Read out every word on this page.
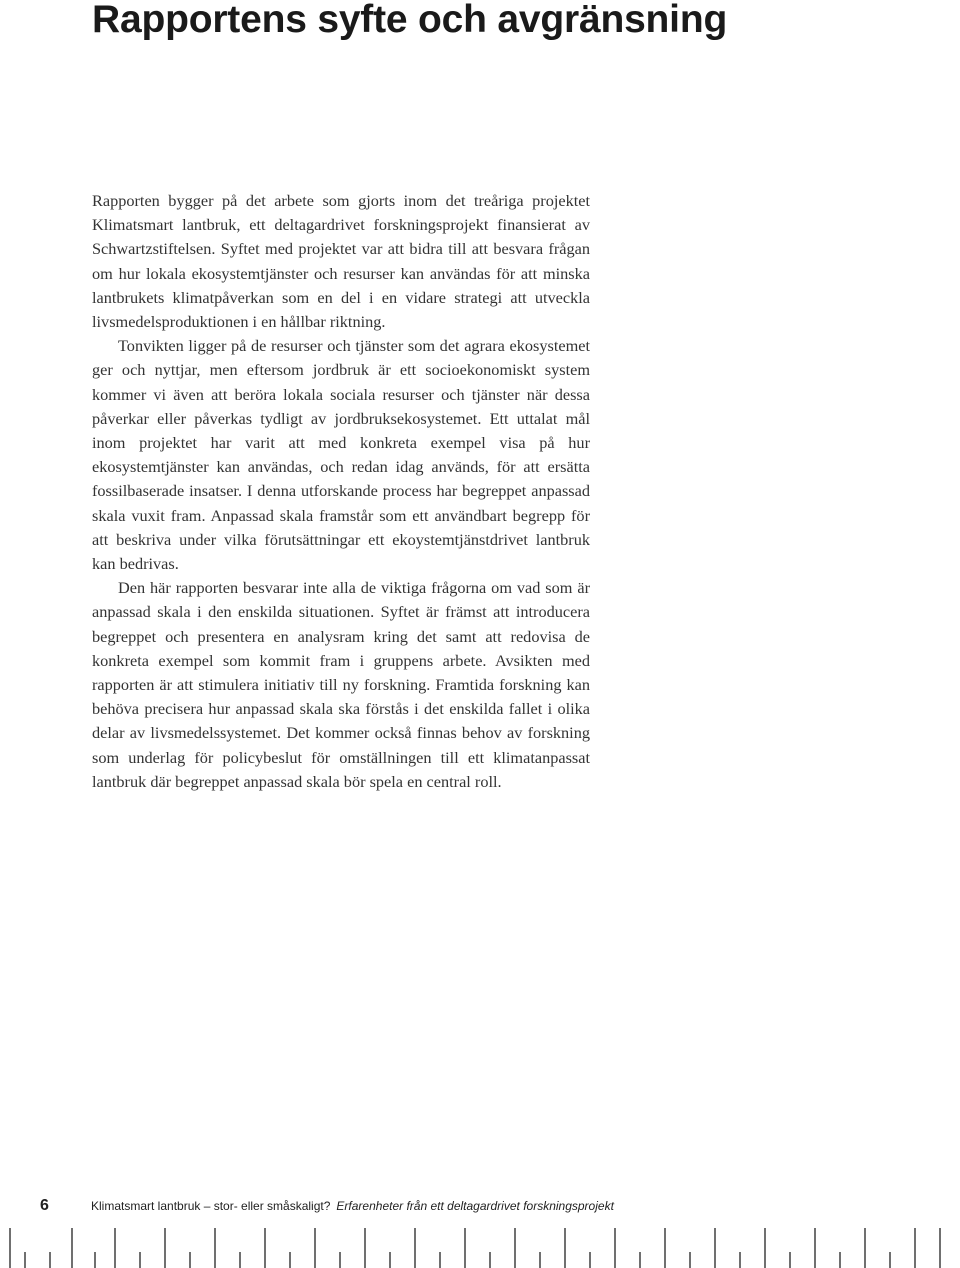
Rapportens syfte och avgränsning

Rapporten bygger på det arbete som gjorts inom det treåriga projektet Klimatsmart lantbruk, ett deltagardrivet forskningsprojekt finansierat av Schwartzstiftelsen. Syftet med projektet var att bidra till att besvara frågan om hur lokala ekosystemtjänster och resurser kan användas för att minska lantbrukets klimatpåverkan som en del i en vidare strategi att utveckla livsmedelsproduktionen i en hållbar riktning.

Tonvikten ligger på de resurser och tjänster som det agrara ekosystemet ger och nyttjar, men eftersom jordbruk är ett socioekonomiskt system kommer vi även att beröra lokala sociala resurser och tjänster när dessa påverkar eller påverkas tydligt av jordbruksekosystemet. Ett uttalat mål inom projektet har varit att med konkreta exempel visa på hur ekosystemtjänster kan användas, och redan idag används, för att ersätta fossilbaserade insatser. I denna utforskande process har begreppet anpassad skala vuxit fram. Anpassad skala framstår som ett användbart begrepp för att beskriva under vilka förutsättningar ett ekoystemtjänstdrivet lantbruk kan bedrivas.

Den här rapporten besvarar inte alla de viktiga frågorna om vad som är anpassad skala i den enskilda situationen. Syftet är främst att introducera begreppet och presentera en analysram kring det samt att redovisa de konkreta exempel som kommit fram i gruppens arbete. Avsikten med rapporten är att stimulera initiativ till ny forskning. Framtida forskning kan behöva precisera hur anpassad skala ska förstås i det enskilda fallet i olika delar av livsmedelssystemet. Det kommer också finnas behov av forskning som underlag för policybeslut för omställningen till ett klimatanpassat lantbruk där begreppet anpassad skala bör spela en central roll.

6	Klimatsmart lantbruk – stor- eller småskaligt? Erfarenheter från ett deltagardrivet forskningsprojekt
